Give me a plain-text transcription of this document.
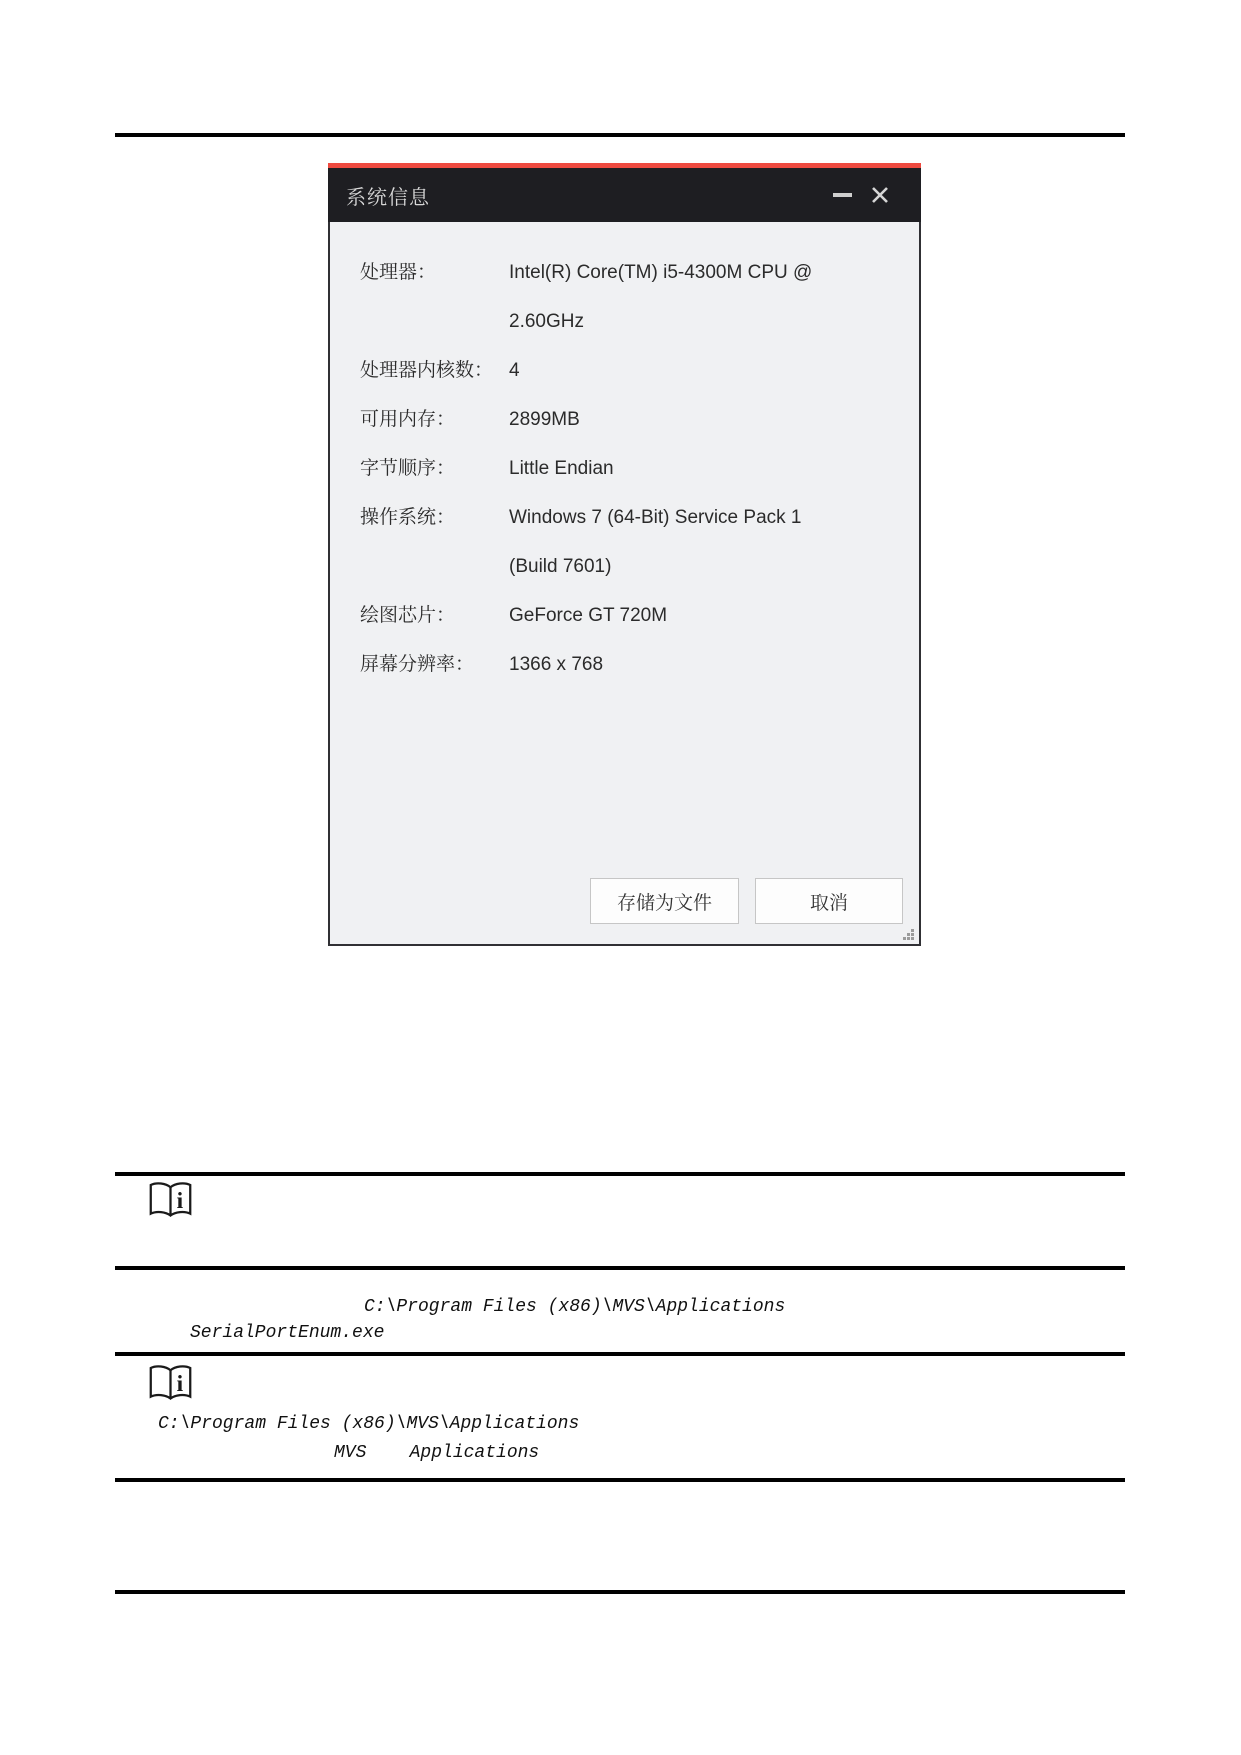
系统信息
处理器：	Intel(R) Core(TM) i5-4300M CPU @
2.60GHz
处理器内核数： 4
可用内存：	2899MB
字节顺序：	Little Endian
操作系统：	Windows 7 (64-Bit) Service Pack 1
(Build 7601)
绘图芯片：	GeForce GT 720M
屏幕分辨率：	1366 x 768
存储为文件	取消
i
C:\Program Files (x86)\MVS\Applications
SerialPortEnum.exe
i
C:\Program Files (x86)\MVS\Applications
MVS    Applications
